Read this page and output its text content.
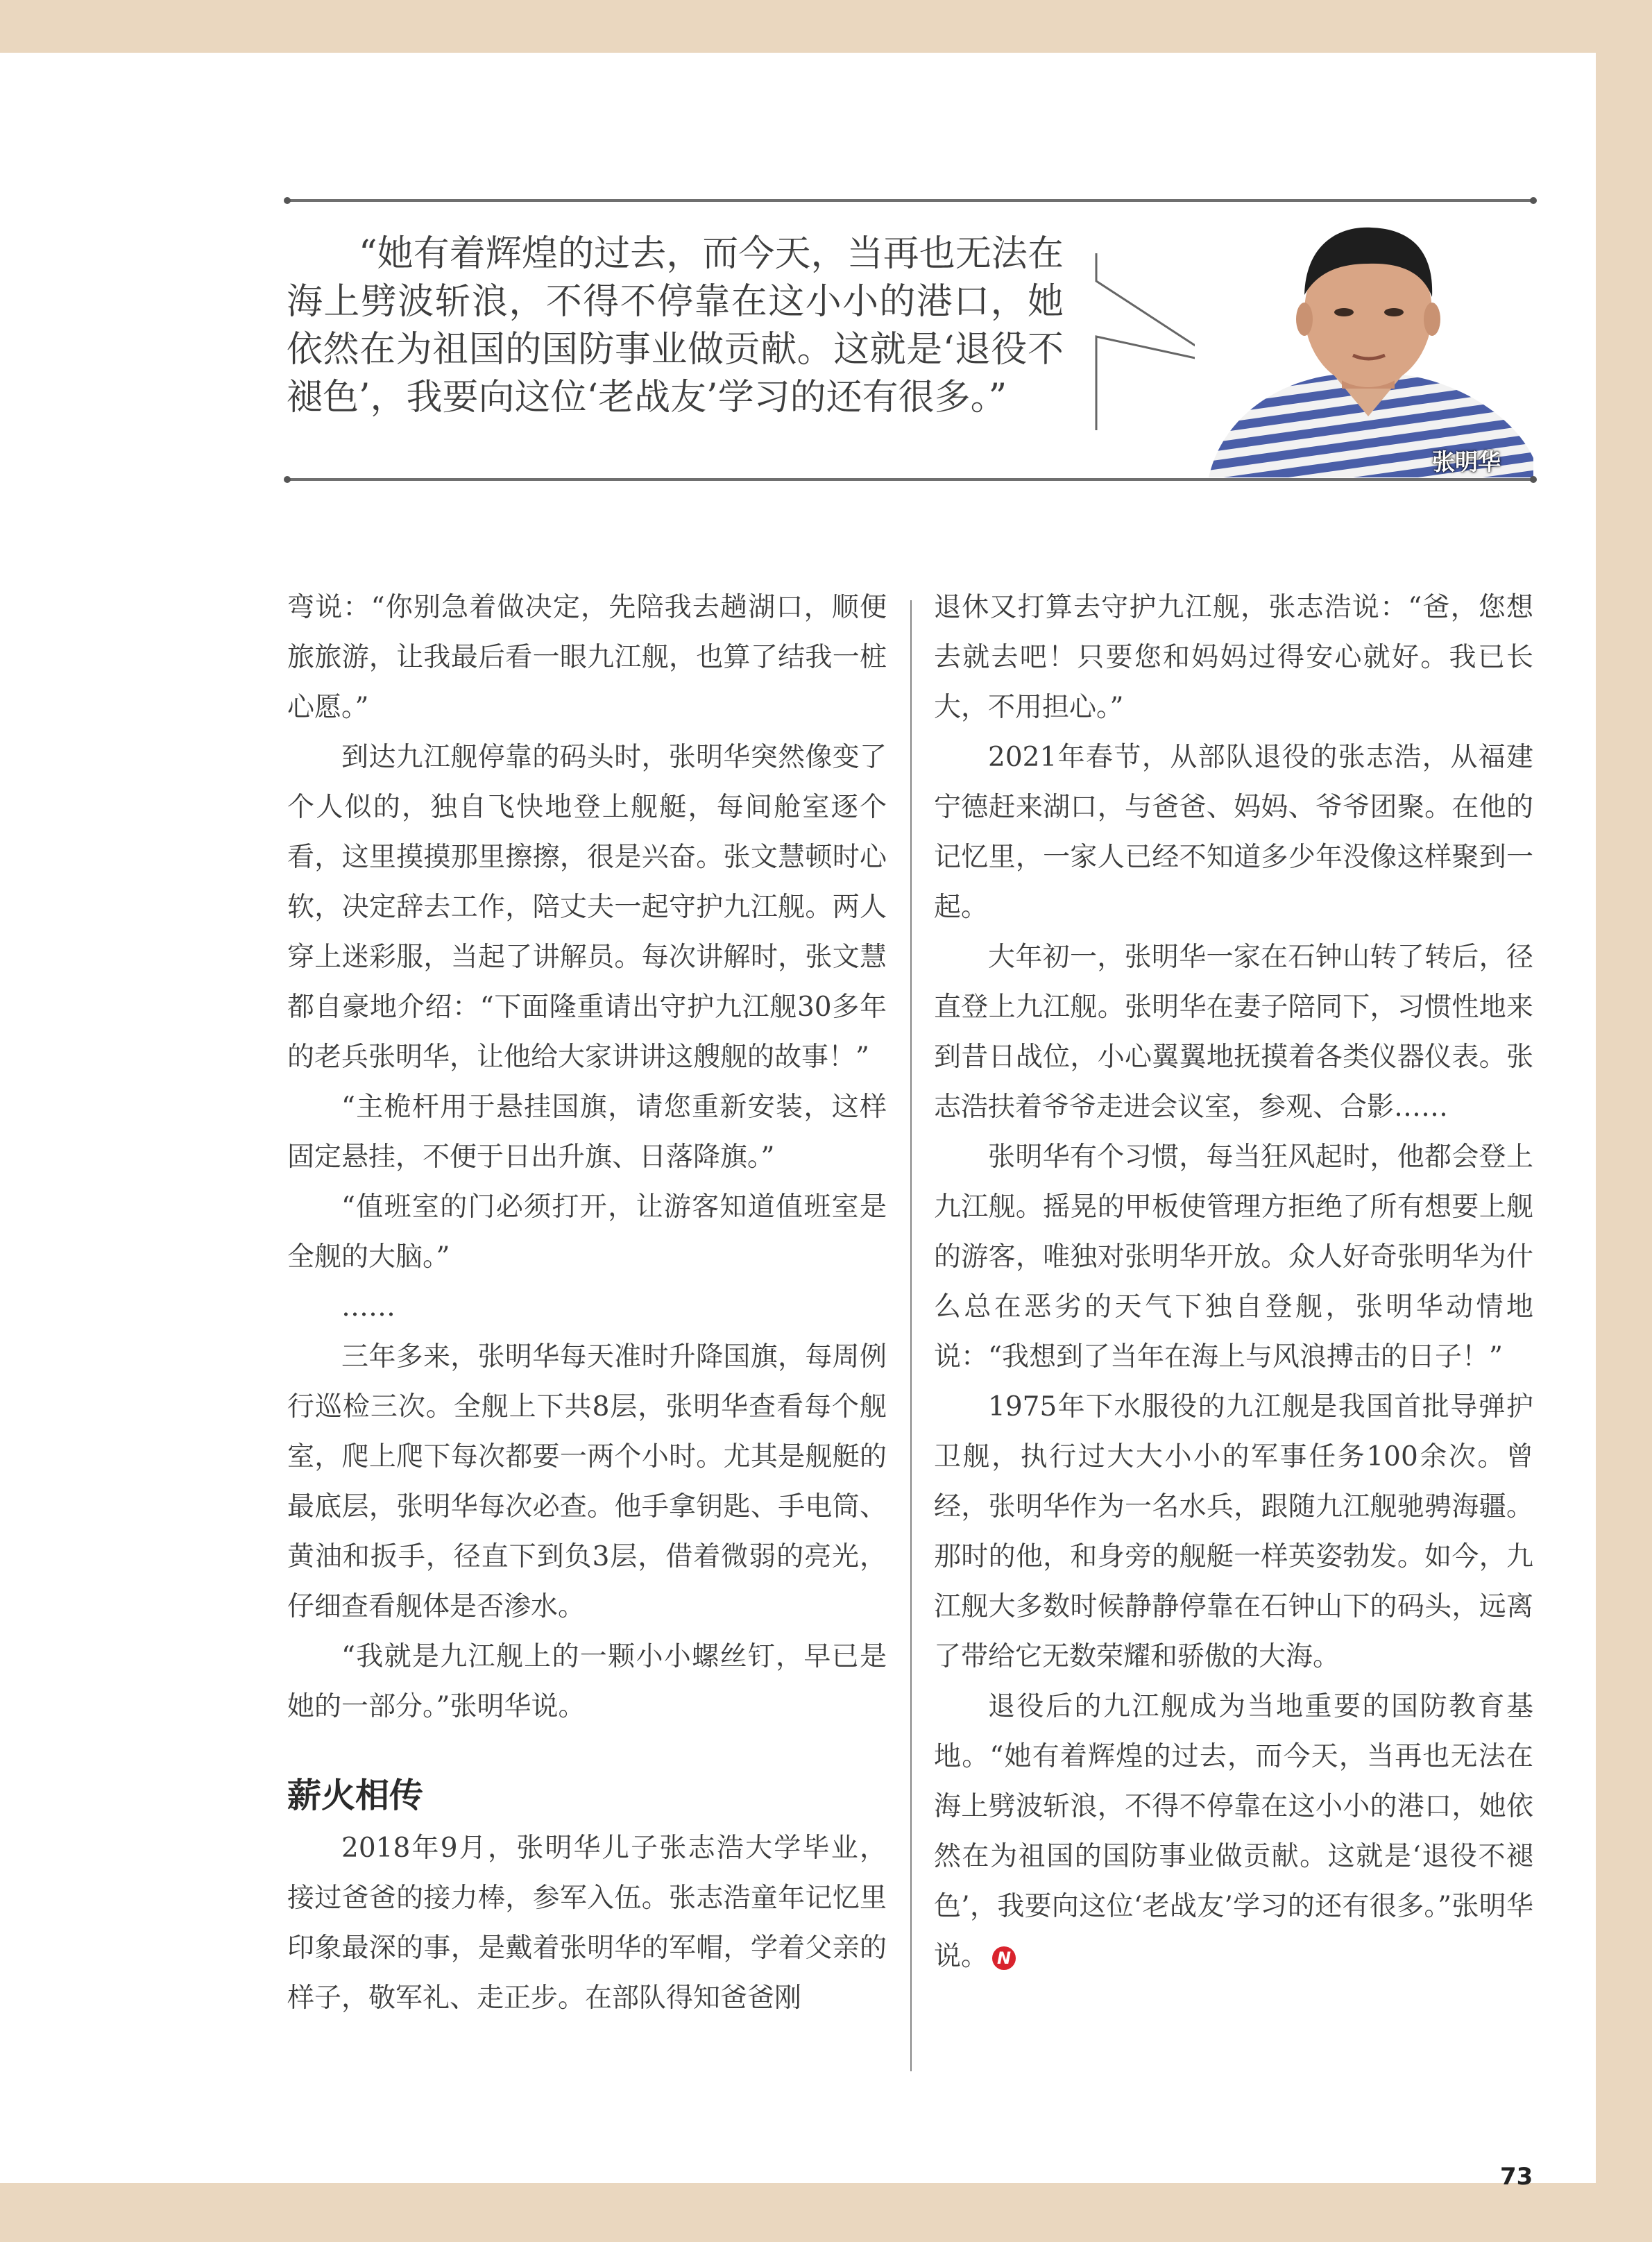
“她有着辉煌的过去，而今天，当再也无法在海上劈波斩浪，不得不停靠在这小小的港口，她依然在为祖国的国防事业做贡献。这就是‘退役不褪色’，我要向这位‘老战友’学习的还有很多。”

张明华

弯说：“你别急着做决定，先陪我去趟湖口，顺便旅旅游，让我最后看一眼九江舰，也算了结我一桩心愿。”

到达九江舰停靠的码头时，张明华突然像变了个人似的，独自飞快地登上舰艇，每间舱室逐个看，这里摸摸那里擦擦，很是兴奋。张文慧顿时心软，决定辞去工作，陪丈夫一起守护九江舰。两人穿上迷彩服，当起了讲解员。每次讲解时，张文慧都自豪地介绍：“下面隆重请出守护九江舰30多年的老兵张明华，让他给大家讲讲这艘舰的故事！”

“主桅杆用于悬挂国旗，请您重新安装，这样固定悬挂，不便于日出升旗、日落降旗。”

“值班室的门必须打开，让游客知道值班室是全舰的大脑。”

……

三年多来，张明华每天准时升降国旗，每周例行巡检三次。全舰上下共8层，张明华查看每个舰室，爬上爬下每次都要一两个小时。尤其是舰艇的最底层，张明华每次必查。他手拿钥匙、手电筒、黄油和扳手，径直下到负3层，借着微弱的亮光，仔细查看舰体是否渗水。

“我就是九江舰上的一颗小小螺丝钉，早已是她的一部分。”张明华说。

薪火相传

2018年9月，张明华儿子张志浩大学毕业，接过爸爸的接力棒，参军入伍。张志浩童年记忆里印象最深的事，是戴着张明华的军帽，学着父亲的样子，敬军礼、走正步。在部队得知爸爸刚

退休又打算去守护九江舰，张志浩说：“爸，您想去就去吧！只要您和妈妈过得安心就好。我已长大，不用担心。”

2021年春节，从部队退役的张志浩，从福建宁德赶来湖口，与爸爸、妈妈、爷爷团聚。在他的记忆里，一家人已经不知道多少年没像这样聚到一起。

大年初一，张明华一家在石钟山转了转后，径直登上九江舰。张明华在妻子陪同下，习惯性地来到昔日战位，小心翼翼地抚摸着各类仪器仪表。张志浩扶着爷爷走进会议室，参观、合影……

张明华有个习惯，每当狂风起时，他都会登上九江舰。摇晃的甲板使管理方拒绝了所有想要上舰的游客，唯独对张明华开放。众人好奇张明华为什么总在恶劣的天气下独自登舰，张明华动情地说：“我想到了当年在海上与风浪搏击的日子！”

1975年下水服役的九江舰是我国首批导弹护卫舰，执行过大大小小的军事任务100余次。曾经，张明华作为一名水兵，跟随九江舰驰骋海疆。那时的他，和身旁的舰艇一样英姿勃发。如今，九江舰大多数时候静静停靠在石钟山下的码头，远离了带给它无数荣耀和骄傲的大海。

退役后的九江舰成为当地重要的国防教育基地。“她有着辉煌的过去，而今天，当再也无法在海上劈波斩浪，不得不停靠在这小小的港口，她依然在为祖国的国防事业做贡献。这就是‘退役不褪色’，我要向这位‘老战友’学习的还有很多。”张明华说。 N

73
